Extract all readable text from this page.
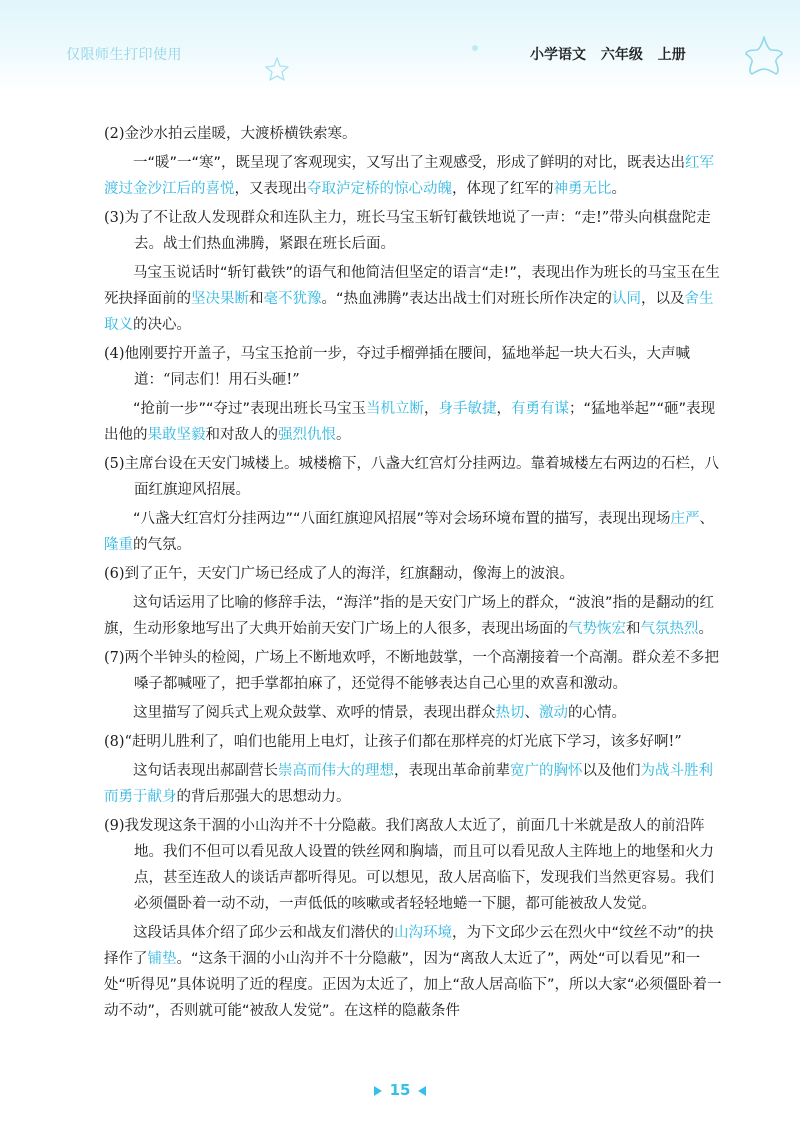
仅限师生打印使用	小学语文 六年级 上册
(2)金沙水拍云崖暖，大渡桥横铁索寒。
一“暖”一“寒”，既呈现了客观现实，又写出了主观感受，形成了鲜明的对比，既表达出红军渡过金沙江后的喜悦，又表现出夺取泸定桥的惊心动魄，体现了红军的神勇无比。
(3)为了不让敌人发现群众和连队主力，班长马宝玉斩钉截铁地说了一声：“走!”带头向棋盘陀走去。战士们热血沸腾，紧跟在班长后面。
马宝玉说话时“斩钉截铁”的语气和他简洁但坚定的语言“走!”，表现出作为班长的马宝玉在生死抉择面前的坚决果断和毫不犹豫。“热血沸腾”表达出战士们对班长所作决定的认同，以及舍生取义的决心。
(4)他刚要拧开盖子，马宝玉抢前一步，夺过手榴弹插在腰间，猛地举起一块大石头，大声喊道：“同志们！用石头砸!”
“抢前一步”“夺过”表现出班长马宝玉当机立断，身手敏捷，有勇有谋；“猛地举起”“砸”表现出他的果敢坚毅和对敌人的强烈仇恨。
(5)主席台设在天安门城楼上。城楼檐下，八盏大红宫灯分挂两边。靠着城楼左右两边的石栏，八面红旗迎风招展。
“八盏大红宫灯分挂两边”“八面红旗迎风招展”等对会场环境布置的描写，表现出现场庄严、隆重的气氛。
(6)到了正午，天安门广场已经成了人的海洋，红旗翻动，像海上的波浪。
这句话运用了比喻的修辞手法，“海洋”指的是天安门广场上的群众，“波浪”指的是翻动的红旗，生动形象地写出了大典开始前天安门广场上的人很多，表现出场面的气势恢宏和气氛热烈。
(7)两个半钟头的检阅，广场上不断地欢呼，不断地鼓掌，一个高潮接着一个高潮。群众差不多把嗓子都喊哑了，把手掌都拍麻了，还觉得不能够表达自己心里的欢喜和激动。
这里描写了阅兵式上观众鼓掌、欢呼的情景，表现出群众热切、激动的心情。
(8)“赶明儿胜利了，咱们也能用上电灯，让孩子们都在那样亮的灯光底下学习，该多好啊!”
这句话表现出郝副营长崇高而伟大的理想，表现出革命前辈宽广的胸怀以及他们为战斗胜利而勇于献身的背后那强大的思想动力。
(9)我发现这条干涸的小山沟并不十分隐蔽。我们离敌人太近了，前面几十米就是敌人的前沿阵地。我们不但可以看见敌人设置的铁丝网和胸墙，而且可以看见敌人主阵地上的地堡和火力点，甚至连敌人的谈话声都听得见。可以想见，敌人居高临下，发现我们当然更容易。我们必须僵卧着一动不动，一声低低的咳嗽或者轻轻地蜷一下腿，都可能被敌人发觉。
这段话具体介绍了邱少云和战友们潜伏的山沟环境，为下文邱少云在烈火中“纹丝不动”的抉择作了铺垫。“这条干涸的小山沟并不十分隐蔽”，因为“离敌人太近了”，两处“可以看见”和一处“听得见”具体说明了近的程度。正因为太近了，加上“敌人居高临下”，所以大家“必须僵卧着一动不动”，否则就可能“被敌人发觉”。在这样的隐蔽条件
15
